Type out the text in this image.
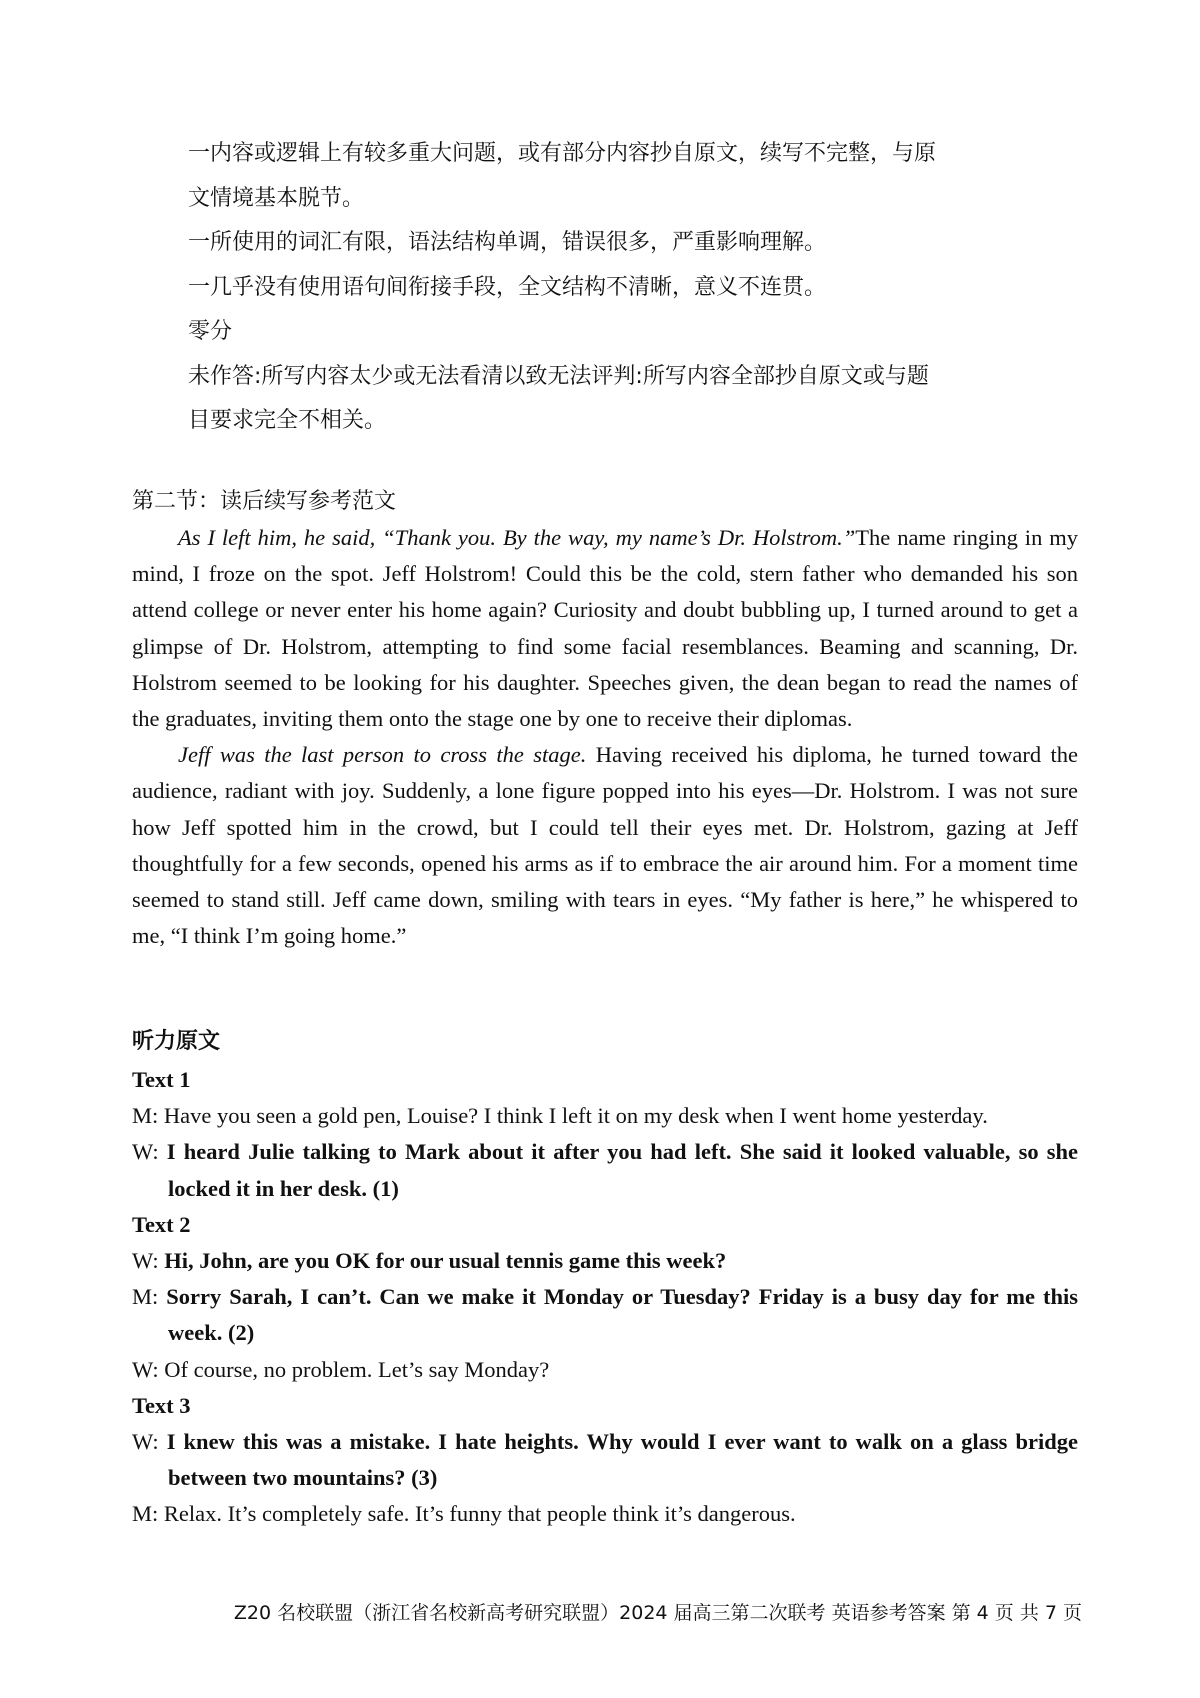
一内容或逻辑上有较多重大问题，或有部分内容抄自原文，续写不完整，与原

文情境基本脱节。

一所使用的词汇有限，语法结构单调，错误很多，严重影响理解。

一几乎没有使用语句间衔接手段，全文结构不清晰，意义不连贯。

零分

未作答:所写内容太少或无法看清以致无法评判:所写内容全部抄自原文或与题

目要求完全不相关。

第二节：读后续写参考范文

As I left him, he said, “Thank you. By the way, my name’s Dr. Holstrom.”The name ringing in my mind, I froze on the spot. Jeff Holstrom! Could this be the cold, stern father who demanded his son attend college or never enter his home again? Curiosity and doubt bubbling up, I turned around to get a glimpse of Dr. Holstrom, attempting to find some facial resemblances. Beaming and scanning, Dr. Holstrom seemed to be looking for his daughter. Speeches given, the dean began to read the names of the graduates, inviting them onto the stage one by one to receive their diplomas.

Jeff was the last person to cross the stage. Having received his diploma, he turned toward the audience, radiant with joy. Suddenly, a lone figure popped into his eyes—Dr. Holstrom. I was not sure how Jeff spotted him in the crowd, but I could tell their eyes met. Dr. Holstrom, gazing at Jeff thoughtfully for a few seconds, opened his arms as if to embrace the air around him. For a moment time seemed to stand still. Jeff came down, smiling with tears in eyes. “My father is here,” he whispered to me, “I think I’m going home.”

听力原文

Text 1

M: Have you seen a gold pen, Louise? I think I left it on my desk when I went home yesterday.

W: I heard Julie talking to Mark about it after you had left. She said it looked valuable, so she locked it in her desk. (1)

Text 2

W: Hi, John, are you OK for our usual tennis game this week?

M: Sorry Sarah, I can’t. Can we make it Monday or Tuesday? Friday is a busy day for me this week. (2)

W: Of course, no problem. Let’s say Monday?

Text 3

W: I knew this was a mistake. I hate heights. Why would I ever want to walk on a glass bridge between two mountains? (3)

M: Relax. It’s completely safe. It’s funny that people think it’s dangerous.

Z20 名校联盟（浙江省名校新高考研究联盟）2024 届高三第二次联考 英语参考答案 第 4 页 共 7 页
